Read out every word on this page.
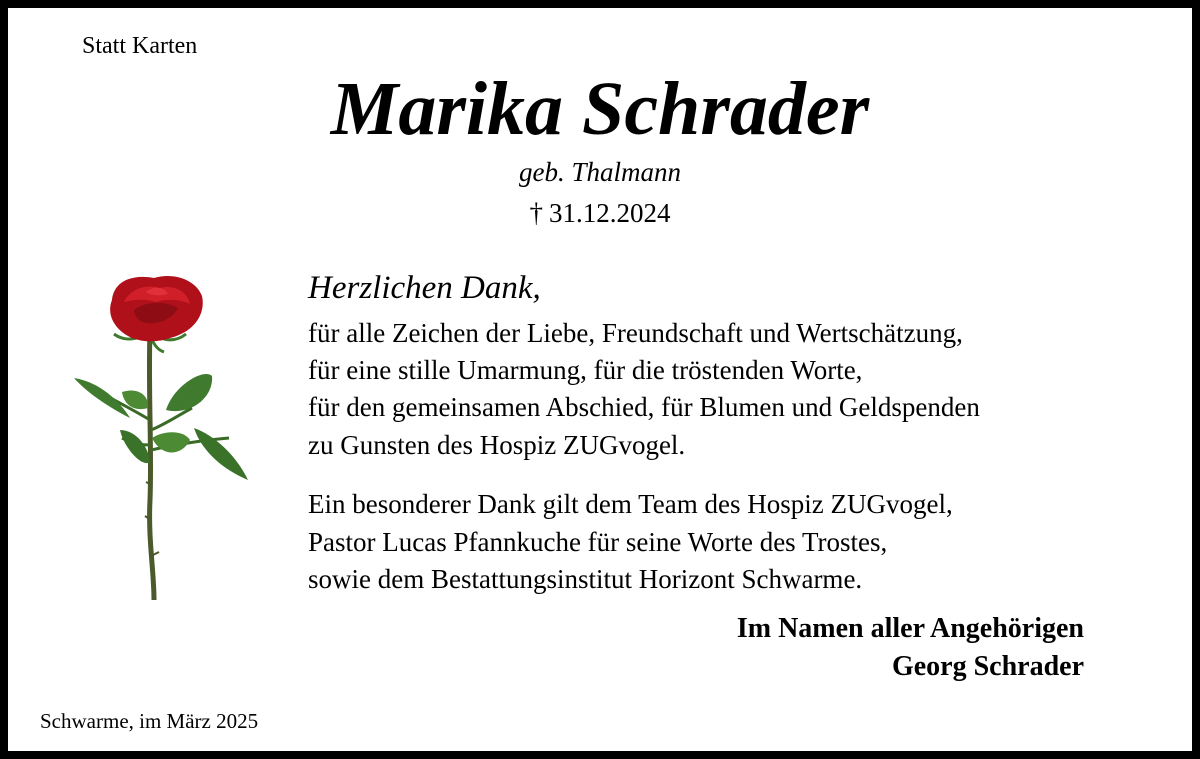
Statt Karten
Marika Schrader
geb. Thalmann
† 31.12.2024
Herzlichen Dank,
für alle Zeichen der Liebe, Freundschaft und Wertschätzung,
für eine stille Umarmung, für die tröstenden Worte,
für den gemeinsamen Abschied, für Blumen und Geldspenden
zu Gunsten des Hospiz ZUGvogel.
Ein besonderer Dank gilt dem Team des Hospiz ZUGvogel,
Pastor Lucas Pfannkuche für seine Worte des Trostes,
sowie dem Bestattungsinstitut Horizont Schwarme.
Im Namen aller Angehörigen
Georg Schrader
Schwarme, im März 2025
